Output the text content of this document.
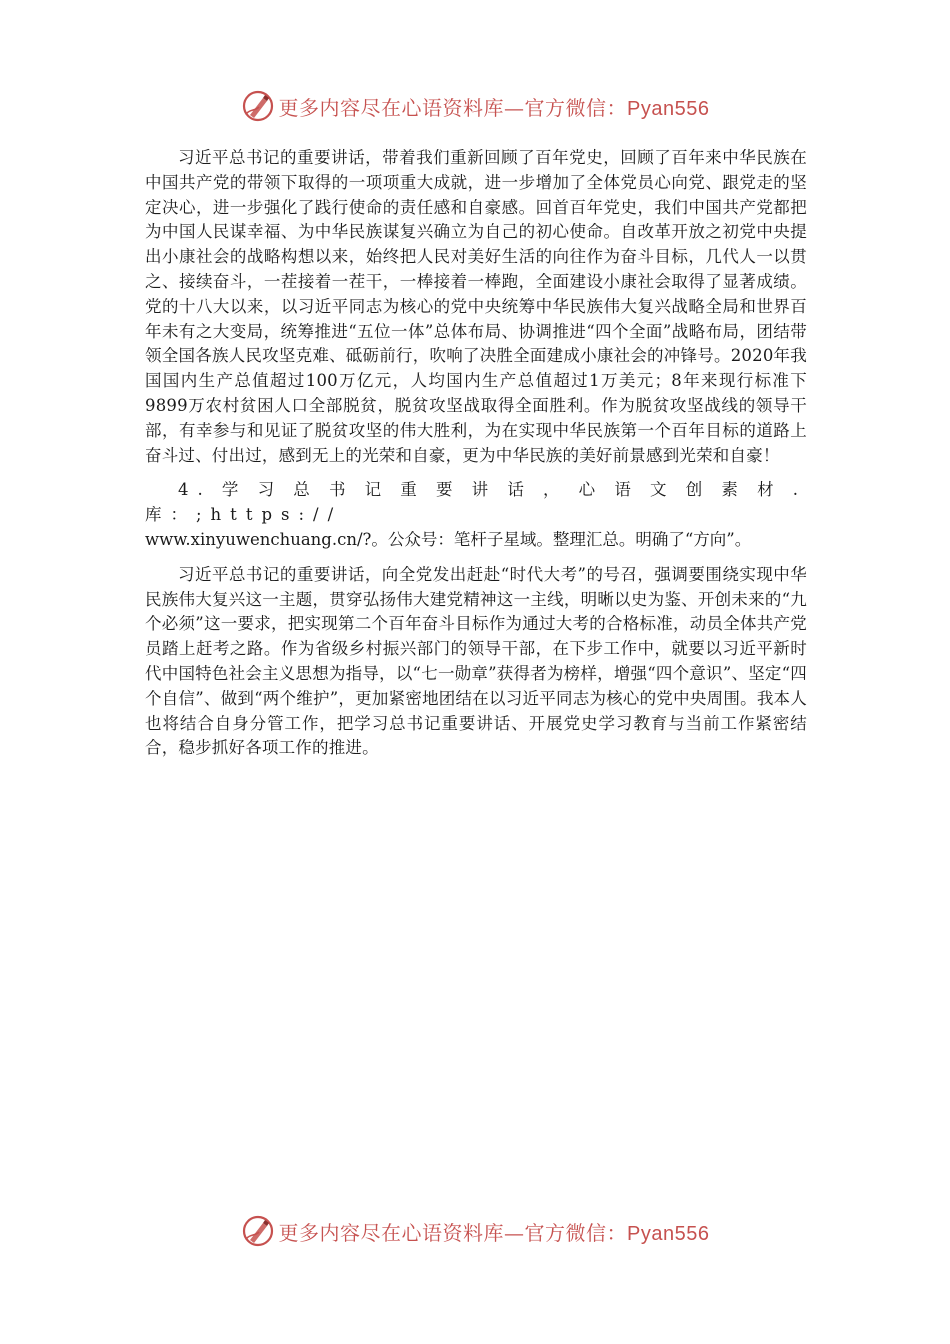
更多内容尽在心语资料库—官方微信：Pyan556

习近平总书记的重要讲话，带着我们重新回顾了百年党史，回顾了百年来中华民族在中国共产党的带领下取得的一项项重大成就，进一步增加了全体党员心向党、跟党走的坚定决心，进一步强化了践行使命的责任感和自豪感。回首百年党史，我们中国共产党都把为中国人民谋幸福、为中华民族谋复兴确立为自己的初心使命。自改革开放之初党中央提出小康社会的战略构想以来，始终把人民对美好生活的向往作为奋斗目标，几代人一以贯之、接续奋斗，一茬接着一茬干，一棒接着一棒跑，全面建设小康社会取得了显著成绩。党的十八大以来，以习近平同志为核心的党中央统筹中华民族伟大复兴战略全局和世界百年未有之大变局，统筹推进“五位一体”总体布局、协调推进“四个全面”战略布局，团结带领全国各族人民攻坚克难、砥砺前行，吹响了决胜全面建成小康社会的冲锋号。2020年我国国内生产总值超过100万亿元，人均国内生产总值超过1万美元；8年来现行标准下9899万农村贫困人口全部脱贫，脱贫攻坚战取得全面胜利。作为脱贫攻坚战线的领导干部，有幸参与和见证了脱贫攻坚的伟大胜利，为在实现中华民族第一个百年目标的道路上奋斗过、付出过，感到无上的光荣和自豪，更为中华民族的美好前景感到光荣和自豪！

4.学习总书记重要讲话，心语文创素材.库：;https://
www.xinyuwenchuang.cn/?。公众号：笔杆子星域。整理汇总。明确了“方向”。

习近平总书记的重要讲话，向全党发出赶赴“时代大考”的号召，强调要围绕实现中华民族伟大复兴这一主题，贯穿弘扬伟大建党精神这一主线，明晰以史为鉴、开创未来的“九个必须”这一要求，把实现第二个百年奋斗目标作为通过大考的合格标准，动员全体共产党员踏上赶考之路。作为省级乡村振兴部门的领导干部，在下步工作中，就要以习近平新时代中国特色社会主义思想为指导，以“七一勋章”获得者为榜样，增强“四个意识”、坚定“四个自信”、做到“两个维护”，更加紧密地团结在以习近平同志为核心的党中央周围。我本人也将结合自身分管工作，把学习总书记重要讲话、开展党史学习教育与当前工作紧密结合，稳步抓好各项工作的推进。

更多内容尽在心语资料库—官方微信：Pyan556
